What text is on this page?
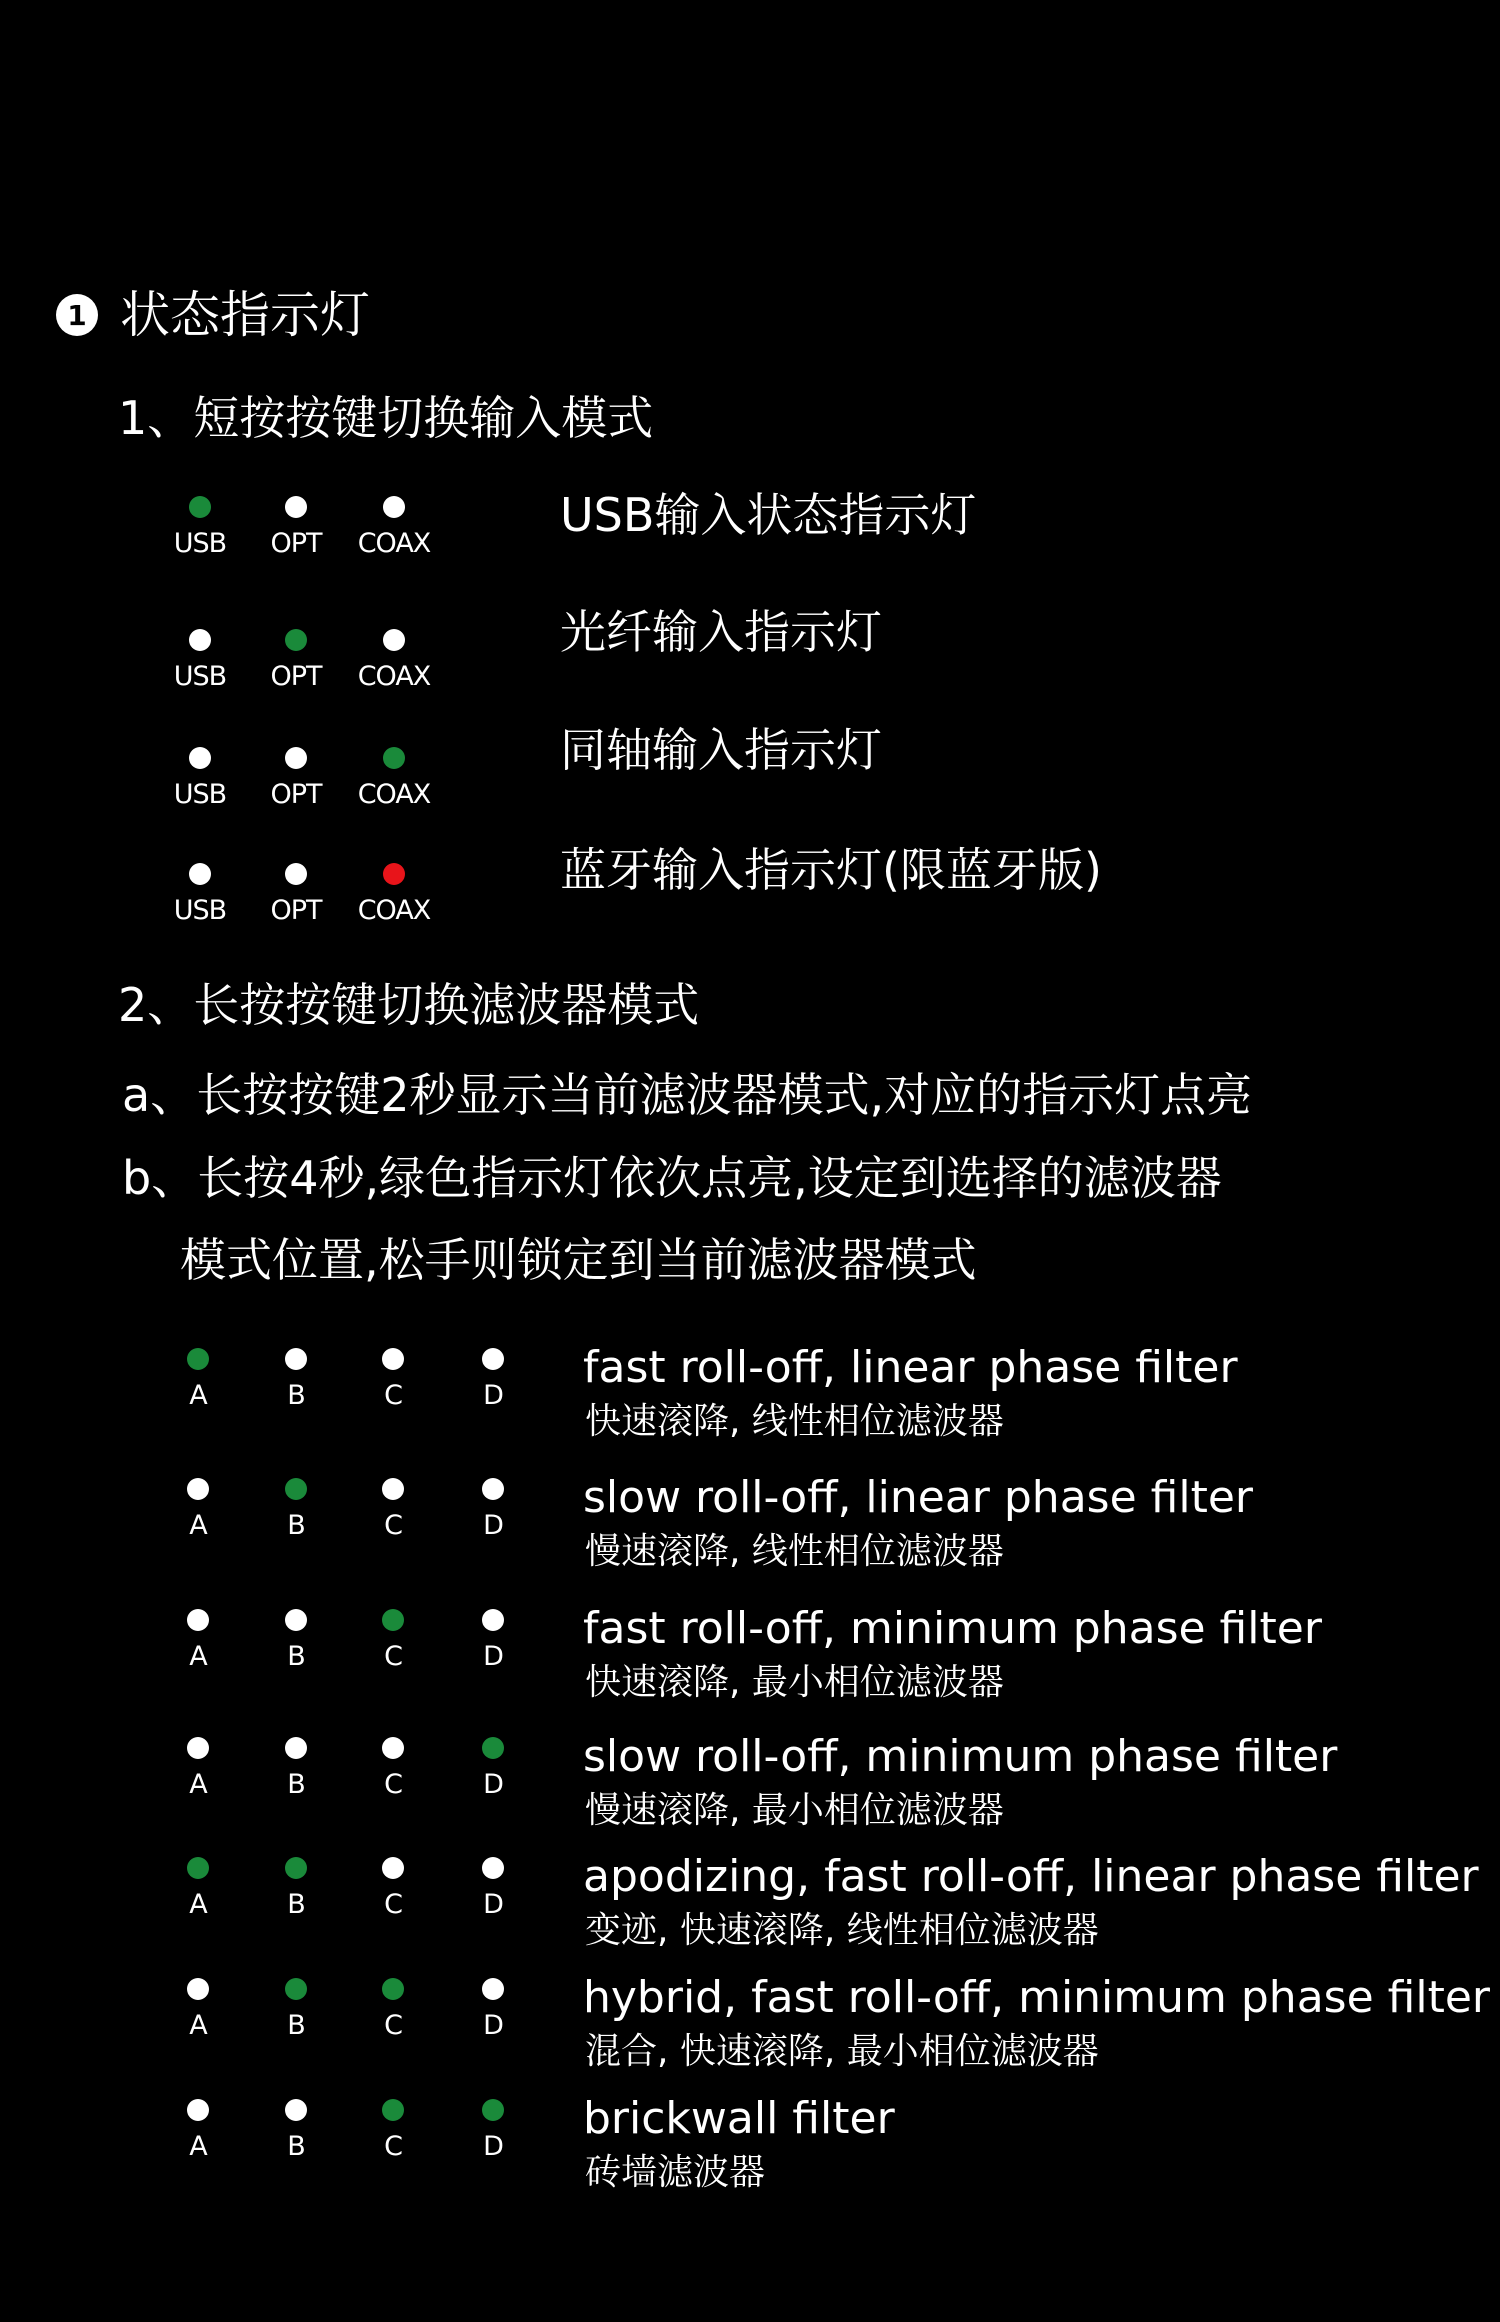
1 状态指示灯
1、短按按键切换输入模式
USB OPT COAX
USB输入状态指示灯
USB OPT COAX
光纤输入指示灯
USB OPT COAX
同轴输入指示灯
USB OPT COAX
蓝牙输入指示灯(限蓝牙版)
2、长按按键切换滤波器模式
a、长按按键2秒显示当前滤波器模式,对应的指示灯点亮
b、长按4秒,绿色指示灯依次点亮,设定到选择的滤波器
模式位置,松手则锁定到当前滤波器模式
A	B	C	D
fast roll-off, linear phase filter
快速滚降, 线性相位滤波器
A	B	C	D
slow roll-off, linear phase filter
慢速滚降, 线性相位滤波器
A	B	C	D
fast roll-off, minimum phase filter
快速滚降, 最小相位滤波器
A	B	C	D
slow roll-off, minimum phase filter
慢速滚降, 最小相位滤波器
A	B	C	D
apodizing, fast roll-off, linear phase filter
变迹, 快速滚降, 线性相位滤波器
A	B	C	D
hybrid, fast roll-off, minimum phase filter
混合, 快速滚降, 最小相位滤波器
A	B	C	D
brickwall filter
砖墙滤波器
